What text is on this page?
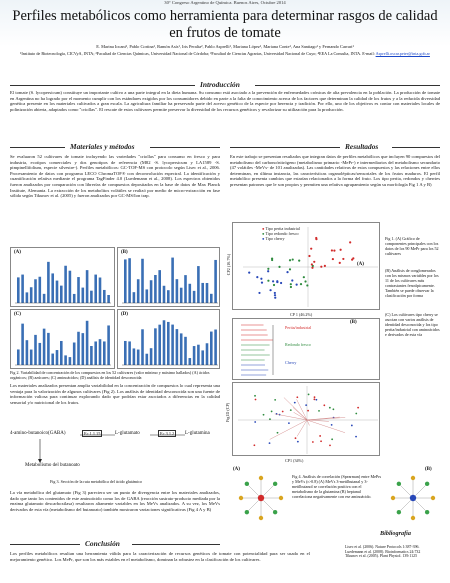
30° Congreso Argentino de Química. Buenos Aires, Octubre 2014
Perfiles metabólicos como herramienta para determinar rasgos de calidad en frutos de tomate
E. Marina Iocani¹, Pablo Cortina¹, Ramón Asís¹, Iris Peralta², Pablo Asprelli¹, Mariana López¹, Mariana Conte¹, Ana Santiago¹ y Fernando Carrari¹
¹Instituto de Biotecnología, CICVyA, INTA; ²Facultad de Ciencias Químicas, Universidad Nacional de Córdoba; ³Facultad de Ciencias Agrarias, Universidad Nacional de Cuyo; ⁴EEA La Consulta, INTA. E-mail: Asprelli.oscar.peter@inta.gob.ar
Introducción
El tomate (S. lycopersicum) constituye un importante cultivo a una parte integral en la dieta humana. Su consumo está asociado a la prevención de enfermedades crónicas de alta prevalencia en la población. La producción de tomate en Argentina no ha logrado por el momento cumplir con los estándares exigidos por los consumidores debido en parte a la falta de conocimiento acerca de los factores que determinan la calidad de los frutos y a la reducida diversidad genética presente en los materiales cultivados a gran escala. La agricultura familiar ha preservado parte del acervo genético de la especie por herencia y tradición. Por ello, uno de los objetivos es contar con materiales locales de polinización abierta, adaptados como "criollas". El rescate de estos cultivares permite preservar la diversidad de los recursos genéticos y revalorizar su utilización para la producción.
Materiales y métodos	Resultados
Se evaluaron 52 cultivares de tomate incluyendo las variedades "criollas" para consumo en fresco y para industria, ecotipos comerciales y dos genotipos de referencia (M82 -S. lycopersicum y LA1589 -S. pimpinellifolium, especie silvestre-). Perfiles metabólicos: GC-TOF-MS con protocolo según Lisec et al., 2006. Procesamiento de datos con programa LECO ChromaTOF® con deconvolución espectral. La identificación y cuantificación relativa mediante el programa TagFinder 4.0 (Luedemann et al., 2008). Los espectros obtenidos fueron analizados por comparación con librerías de compuestos depositados en la base de datos de Max Planck Institute, Alemania. La extracción de los metabolitos volátiles se realizó por medio de micro-extracción en fase sólida según Tikunov et al. (2005) y fueron analizados por GC-MS/Ion trap.
(A)	(B)
(C)	(D)
Fig 2. Variabilidad de concentración de los compuestos en los 52 cultivares (valor mínimo y máximo hallados) (A) ácidos orgánicos; (B) azúcares; (C) aminoácidos; (D) análisis de identidad desconocida
Los materiales analizados presentan amplia variabilidad en la concentración de compuestos lo cual representa una ventaja para la valorización de algunos cultivares (Fig 2). Los análisis de identidad desconocida son una fuente de información valiosa para continuar explorando dado que podrían estar asociados a diferencias en la calidad sensorial y/o nutricional de los frutos.
4-amino-butanoico(GABA)	Ec.1.1.15	L-glutamato	Ec.3.1.2	L-glutamina
Metabolismo del butanoato
Fig 3. Sección de la ruta metabólica del ácido glutámico
La vía metabólica del glutamato (Fig 3) pareciera ser un punto de divergencia entre los materiales analizados, dado que tanto los contenidos de este aminoácido como los de GABA (reacción sustrato-producto mediada por la enzima glutamato descarboxilasa) resultaron altamente variables en los MeVs analizados. A su vez, los MeVs derivados de esta vía (metabolismo del butanoato) también mostraron variaciones significativas (Fig 4 A y B)
En este trabajo se presentan resultados que integran datos de perfiles metabólicos que incluyen 90 compuestos del metabolismo del carbono/nitrógeno (metabolismo primario -MePr-) e intermediarios del metabolismo secundario (47 volátiles -MeVs- de 101 analizadas). Las cantidades relativas de estos compuestos y las relaciones entre ellos determinan, en última instancia, las características organolépticas/sensoriales de los frutos maduros. El perfil metabólico presenta cambios que estarían relacionados a la forma del fruto. Los tipo perita, redondos y cherries presentan patrones que le son propios y permiten una relativa agrupamiento según su morfología Fig 1 A y B)
● Tipo perita industrial
● Tipo redondo fresco
● Tipo cherry
(A)
CP 1 (46.2%)
CP2 (16.7%)
(B)
Perita/industrial
Redondo fresco
Cherry
CP1 (34%)
Fig1D (CP)
Fig 1. (A) Gráfico de componentes principales con los datos de los 90 MePr para los 52 cultivares
(B) Análisis de conglomerados con los mismos variables por los 11 de los cultivares más contrastantes fenotípicamente. También se puede observar la clasificación por forma
(C) Los cultivares tipo cherry se asocian con varios análisis de identidad desconocida y los tipo perita/industrial con aminoácidos e derivados de esta vía
(A)
Fig 4. Análisis de correlación (Spearman) entre MePrs y MeVs (r>0.8) (A) MeVs 3-metilbutanal y 3-metilbutanol se correlación positiva con el metabolismo de la glutamina (B) heptanal correlaciona negativamente con ese aminoácido.
(B)
Conclusión
Los perfiles metabólicos resultan una herramienta válida para la caracterización de recursos genéticos de tomate con potencialidad para ser usada en el mejoramiento genético. Los MePr, que son los más estables en el metabolismo, dominan la robustez en la clasificación de los cultivares.
Bibliografía
Lisec et al. (2006). Nature Protocols 1:387-396.
Luedemann et al. (2008). Bioinformatics 24:732
Tikunov et al. (2005). Plant Physiol. 139:1125
